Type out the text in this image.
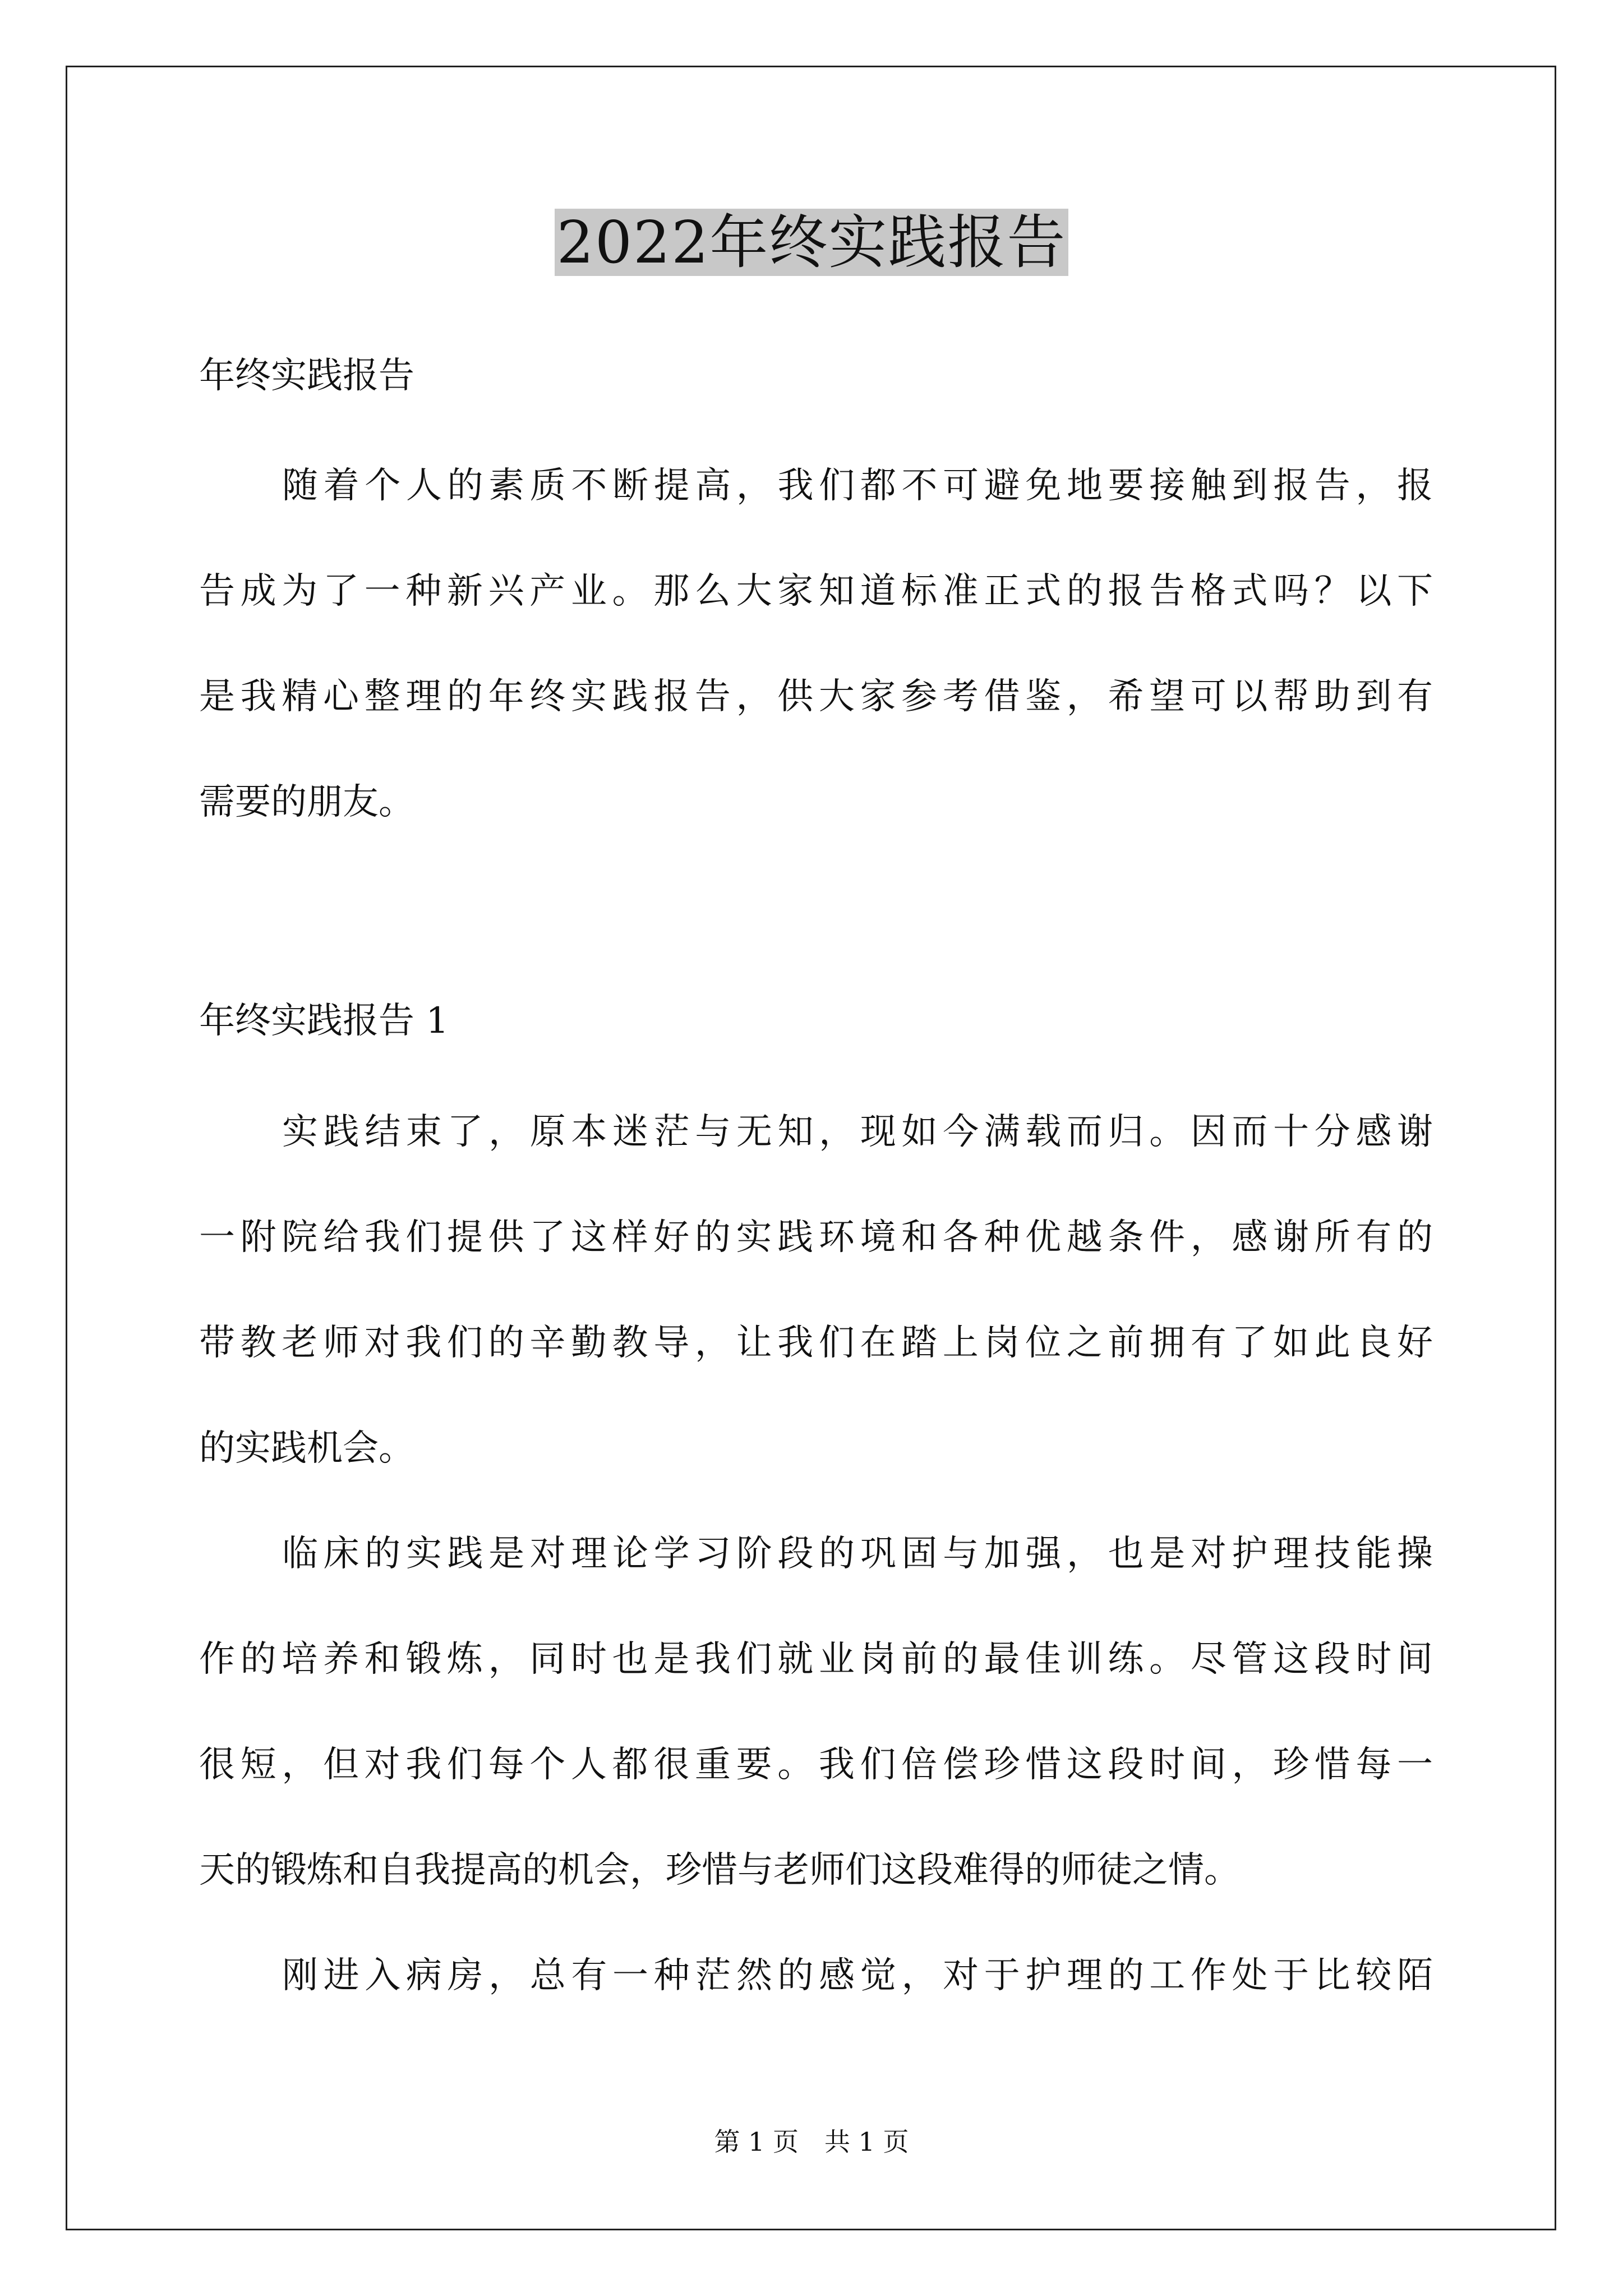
2022年终实践报告
年终实践报告
随着个人的素质不断提高，我们都不可避免地要接触到报告，报
告成为了一种新兴产业。那么大家知道标准正式的报告格式吗？以下
是我精心整理的年终实践报告，供大家参考借鉴，希望可以帮助到有
需要的朋友。
年终实践报告 1
实践结束了，原本迷茫与无知，现如今满载而归。因而十分感谢
一附院给我们提供了这样好的实践环境和各种优越条件，感谢所有的
带教老师对我们的辛勤教导，让我们在踏上岗位之前拥有了如此良好
的实践机会。
临床的实践是对理论学习阶段的巩固与加强，也是对护理技能操
作的培养和锻炼，同时也是我们就业岗前的最佳训练。尽管这段时间
很短，但对我们每个人都很重要。我们倍偿珍惜这段时间，珍惜每一
天的锻炼和自我提高的机会，珍惜与老师们这段难得的师徒之情。
刚进入病房，总有一种茫然的感觉，对于护理的工作处于比较陌
第 1 页 共 1 页
